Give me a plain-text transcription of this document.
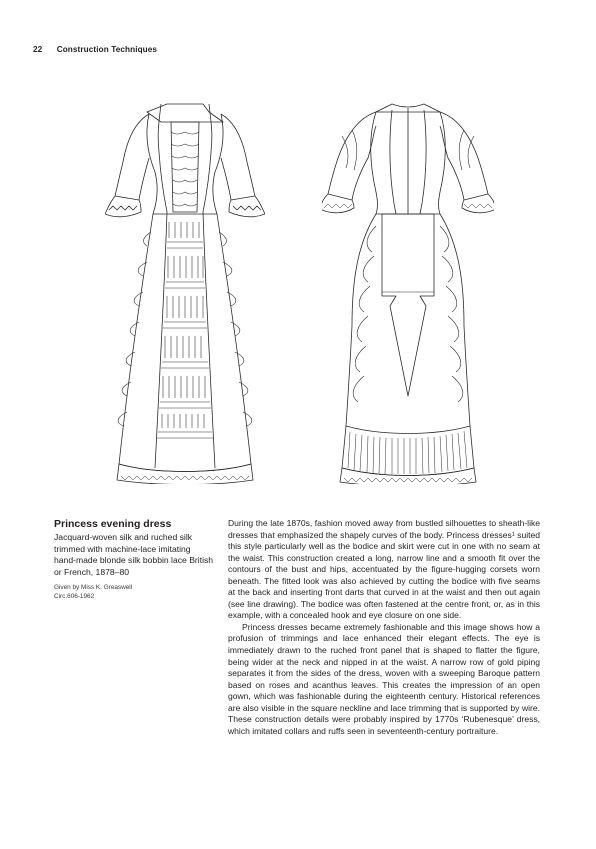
22 Construction Techniques
Princess evening dress
Jacquard-woven silk and ruched silk trimmed with machine-lace imitating hand-made blonde silk bobbin lace British or French, 1878–80
Given by Miss K. Greaswell
Circ.606-1962

During the late 1870s, fashion moved away from bustled silhouettes to sheath-like dresses that emphasized the shapely curves of the body. Princess dresses¹ suited this style particularly well as the bodice and skirt were cut in one with no seam at the waist. This construction created a long, narrow line and a smooth fit over the contours of the bust and hips, accentuated by the figure-hugging corsets worn beneath. The fitted look was also achieved by cutting the bodice with five seams at the back and inserting front darts that curved in at the waist and then out again (see line drawing). The bodice was often fastened at the centre front, or, as in this example, with a concealed hook and eye closure on one side.

Princess dresses became extremely fashionable and this image shows how a profusion of trimmings and lace enhanced their elegant effects. The eye is immediately drawn to the ruched front panel that is shaped to flatter the figure, being wider at the neck and nipped in at the waist. A narrow row of gold piping separates it from the sides of the dress, woven with a sweeping Baroque pattern based on roses and acanthus leaves. This creates the impression of an open gown, which was fashionable during the eighteenth century. Historical references are also visible in the square neckline and lace trimming that is supported by wire. These construction details were probably inspired by 1770s ‘Rubenesque’ dress, which imitated collars and ruffs seen in seventeenth-century portraiture.
